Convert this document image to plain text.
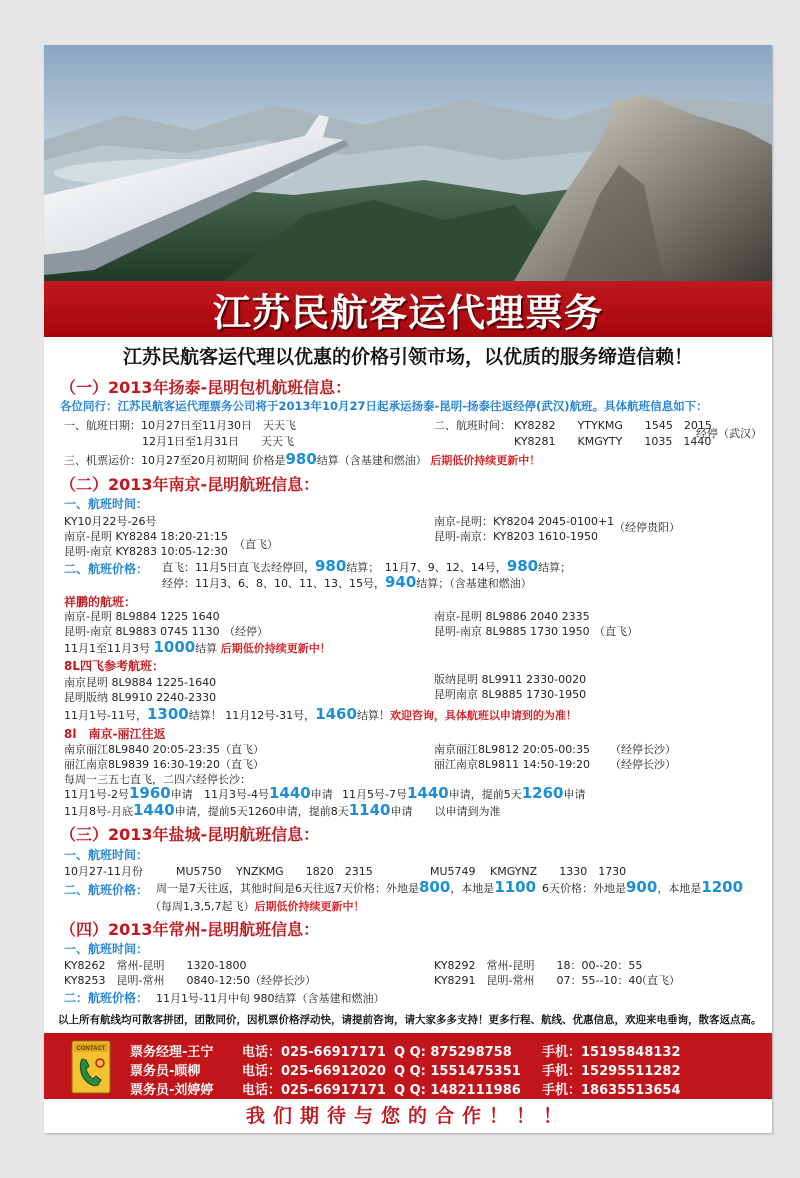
江苏民航客运代理票务
江苏民航客运代理以优惠的价格引领市场，以优质的服务缔造信赖！
（一）2013年扬泰-昆明包机航班信息：
各位同行：江苏民航客运代理票务公司将于2013年10月27日起承运扬泰-昆明-扬泰往返经停(武汉)航班。具体航班信息如下：
一、航班日期：10月27日至11月30日　天天飞
12月1日至1月31日　　天天飞
二、航班时间： KY8282　　YTYKMG　　1545　2015
KY8281　　KMGYTY　　1035　1440
经停（武汉）
三、机票运价：10月27至20月初期间 价格是980结算（含基建和燃油） 后期低价持续更新中！
（二）2013年南京-昆明航班信息：
一、航班时间：
KY10月22号-26号
南京-昆明 KY8284 18:20-21:15
昆明-南京 KY8283 10:05-12:30
（直飞）
南京-昆明：KY8204 2045-0100+1 （经停贵阳）
昆明-南京：KY8203 1610-1950
二、航班价格： 直飞：11月5日直飞去经停回，980结算；　11月7、9、12、14号，980结算；
经停：11月3、6、8、10、11、13、15号，940结算；（含基建和燃油）
祥鹏的航班：
南京-昆明 8L9884 1225 1640
昆明-南京 8L9883 0745 1130 （经停）
南京-昆明 8L9886 2040 2335
昆明-南京 8L9885 1730 1950 （直飞）
11月1至11月3号 1000结算 后期低价持续更新中！
8L四飞参考航班：
南京昆明 8L9884 1225-1640
昆明版纳 8L9910 2240-2330
版纳昆明 8L9911 2330-0020
昆明南京 8L9885 1730-1950
11月1号-11号，1300结算！ 11月12号-31号，1460结算！欢迎咨询，具体航班以申请到的为准！
8l　南京-丽江往返
南京丽江8L9840 20:05-23:35（直飞）
丽江南京8L9839 16:30-19:20（直飞）
南京丽江8L9812 20:05-00:35
丽江南京8L9811 14:50-19:20
（经停长沙）
（经停长沙）
每周一三五七直飞，二四六经停长沙：
11月1号-2号1960申请 11月3号-4号1440申请 11月5号-7号1440申请，提前5天1260申请
11月8号-月底1440申请，提前5天1260申请，提前8天1140申请　　以申请到为准
（三）2013年盐城-昆明航班信息：
一、航班时间：
10月27-11月份　　　MU5750　 YNZKMG　　1820　2315	MU5749　 KMGYNZ　　1330　1730
二、航班价格： 周一是7天往返，其他时间是6天往返7天价格：外地是800，本地是1100 6天价格：外地是900，本地是1200
（每周1,3,5,7起飞）后期低价持续更新中！
（四）2013年常州-昆明航班信息：
一、航班时间：
KY8262　常州-昆明　　1320-1800
KY8253　昆明-常州　　0840-12:50 （经停长沙）
KY8292　常州-昆明　　18：00--20：55
KY8291　昆明-常州　　07：55--10：40
（直飞）
二：航班价格： 11月1号-11月中旬 980结算（含基建和燃油）
以上所有航线均可散客拼团，团散同价，因机票价格浮动快，请提前咨询，请大家多多支持！更多行程、航线、优惠信息，欢迎来电垂询，散客返点高。
票务经理-王宁 电话：025-66917171 Q Q: 875298758 手机：15195848132
票务员-顾柳	电话：025-66912020 Q Q: 1551475351 手机：15295511282
票务员-刘婷婷 电话：025-66917171 Q Q: 1482111986 手机：18635513654
CONTACT
我们期待与您的合作！！！
